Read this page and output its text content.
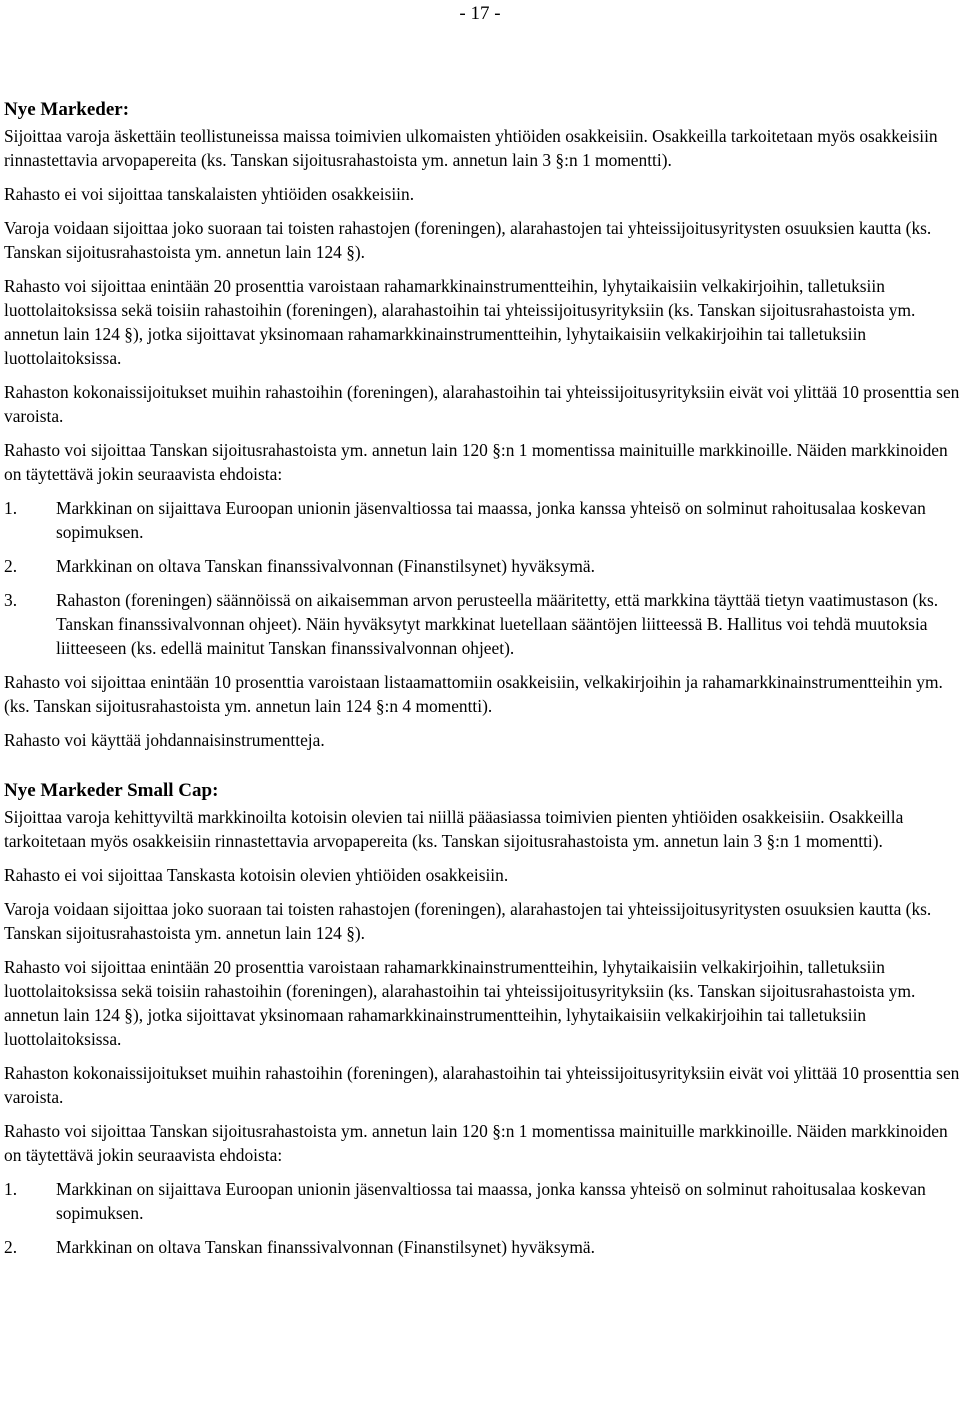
- 17 -
Nye Markeder:

Sijoittaa varoja äskettäin teollistuneissa maissa toimivien ulkomaisten yhtiöiden osakkeisiin. Osakkeilla tarkoitetaan myös osakkeisiin rinnastettavia arvopapereita (ks. Tanskan sijoitusrahastoista ym. annetun lain 3 §:n 1 momentti).

Rahasto ei voi sijoittaa tanskalaisten yhtiöiden osakkeisiin.

Varoja voidaan sijoittaa joko suoraan tai toisten rahastojen (foreningen), alarahastojen tai yhteissijoitusyritysten osuuksien kautta (ks. Tanskan sijoitusrahastoista ym. annetun lain 124 §).

Rahasto voi sijoittaa enintään 20 prosenttia varoistaan rahamarkkinainstrumentteihin, lyhytaikaisiin velkakirjoihin, talletuksiin luottolaitoksissa sekä toisiin rahastoihin (foreningen), alarahastoihin tai yhteissijoitusyrityksiin (ks. Tanskan sijoitusrahastoista ym. annetun lain 124 §), jotka sijoittavat yksinomaan rahamarkkinainstrumentteihin, lyhytaikaisiin velkakirjoihin tai talletuksiin luottolaitoksissa.

Rahaston kokonaissijoitukset muihin rahastoihin (foreningen), alarahastoihin tai yhteissijoitusyrityksiin eivät voi ylittää 10 prosenttia sen varoista.

Rahasto voi sijoittaa Tanskan sijoitusrahastoista ym. annetun lain 120 §:n 1 momentissa mainituille markkinoille. Näiden markkinoiden on täytettävä jokin seuraavista ehdoista:

1.	Markkinan on sijaittava Euroopan unionin jäsenvaltiossa tai maassa, jonka kanssa yhteisö on solminut rahoitusalaa koskevan sopimuksen.
2.	Markkinan on oltava Tanskan finanssivalvonnan (Finanstilsynet) hyväksymä.
3.	Rahaston (foreningen) säännöissä on aikaisemman arvon perusteella määritetty, että markkina täyttää tietyn vaatimustason (ks. Tanskan finanssivalvonnan ohjeet). Näin hyväksytyt markkinat luetellaan sääntöjen liitteessä B. Hallitus voi tehdä muutoksia liitteeseen (ks. edellä mainitut Tanskan finanssivalvonnan ohjeet).

Rahasto voi sijoittaa enintään 10 prosenttia varoistaan listaamattomiin osakkeisiin, velkakirjoihin ja rahamarkkinainstrumentteihin ym. (ks. Tanskan sijoitusrahastoista ym. annetun lain 124 §:n 4 momentti).

Rahasto voi käyttää johdannaisinstrumentteja.

Nye Markeder Small Cap:

Sijoittaa varoja kehittyviltä markkinoilta kotoisin olevien tai niillä pääasiassa toimivien pienten yhtiöiden osakkeisiin. Osakkeilla tarkoitetaan myös osakkeisiin rinnastettavia arvopapereita (ks. Tanskan sijoitusrahastoista ym. annetun lain 3 §:n 1 momentti).

Rahasto ei voi sijoittaa Tanskasta kotoisin olevien yhtiöiden osakkeisiin.

Varoja voidaan sijoittaa joko suoraan tai toisten rahastojen (foreningen), alarahastojen tai yhteissijoitusyritysten osuuksien kautta (ks. Tanskan sijoitusrahastoista ym. annetun lain 124 §).

Rahasto voi sijoittaa enintään 20 prosenttia varoistaan rahamarkkinainstrumentteihin, lyhytaikaisiin velkakirjoihin, talletuksiin luottolaitoksissa sekä toisiin rahastoihin (foreningen), alarahastoihin tai yhteissijoitusyrityksiin (ks. Tanskan sijoitusrahastoista ym. annetun lain 124 §), jotka sijoittavat yksinomaan rahamarkkinainstrumentteihin, lyhytaikaisiin velkakirjoihin tai talletuksiin luottolaitoksissa.

Rahaston kokonaissijoitukset muihin rahastoihin (foreningen), alarahastoihin tai yhteissijoitusyrityksiin eivät voi ylittää 10 prosenttia sen varoista.

Rahasto voi sijoittaa Tanskan sijoitusrahastoista ym. annetun lain 120 §:n 1 momentissa mainituille markkinoille. Näiden markkinoiden on täytettävä jokin seuraavista ehdoista:

1.	Markkinan on sijaittava Euroopan unionin jäsenvaltiossa tai maassa, jonka kanssa yhteisö on solminut rahoitusalaa koskevan sopimuksen.
2.	Markkinan on oltava Tanskan finanssivalvonnan (Finanstilsynet) hyväksymä.
